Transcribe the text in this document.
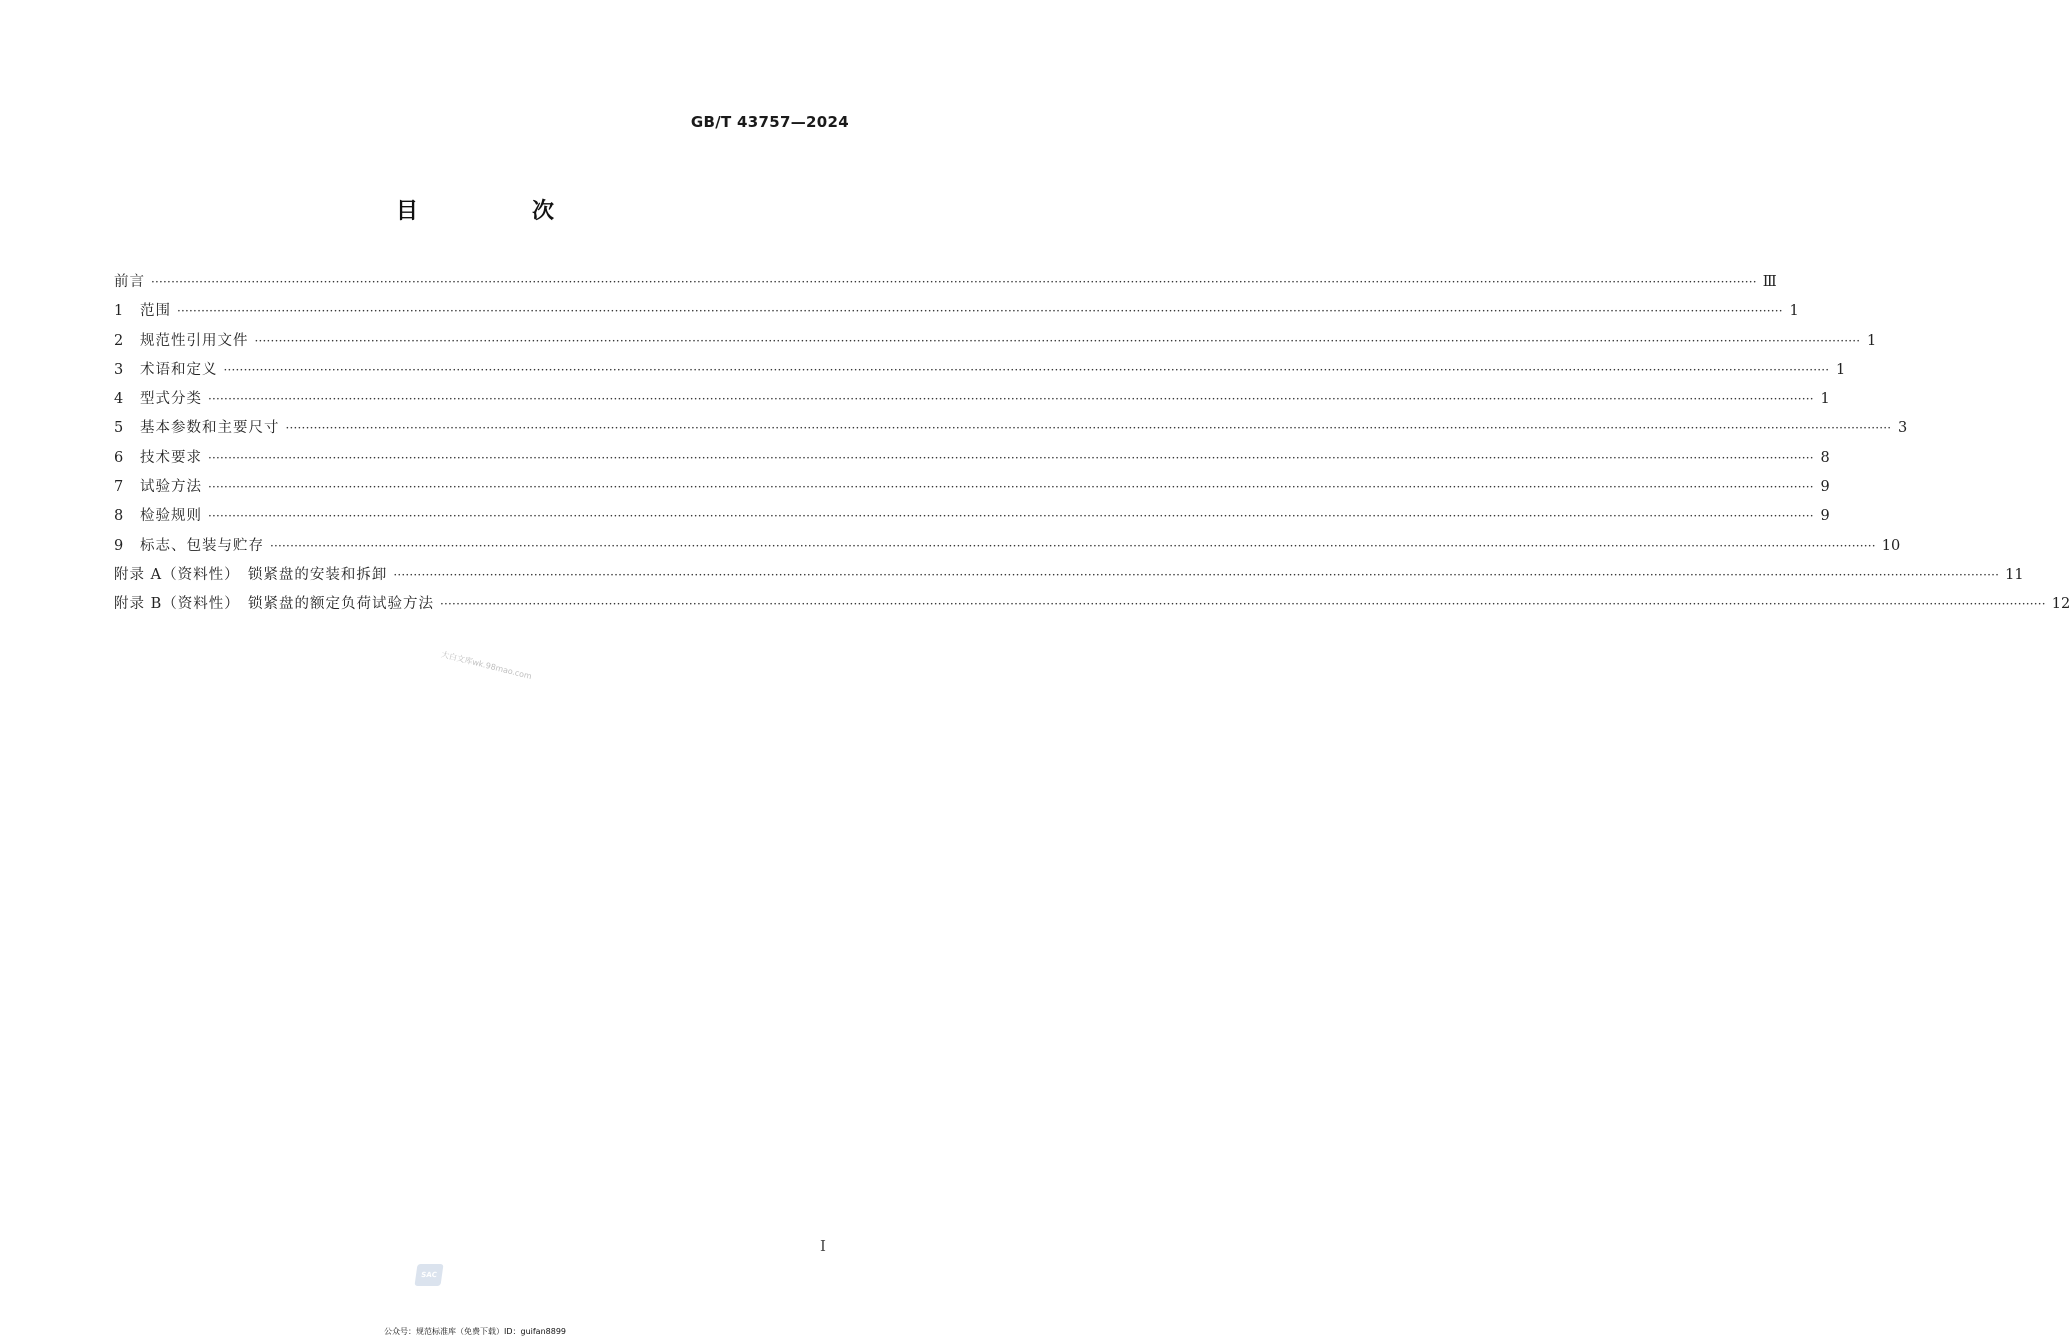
GB/T 43757—2024
目　次
前言 ················································································································································································································································································································································································································ Ⅲ
1	范围 ················································································································································································································································································································································································································ 1
2	规范性引用文件 ················································································································································································································································································································································································································ 1
3	术语和定义 ················································································································································································································································································································································································································ 1
4	型式分类 ················································································································································································································································································································································································································ 1
5	基本参数和主要尺寸 ················································································································································································································································································································································································································ 3
6	技术要求 ················································································································································································································································································································································································································ 8
7	试验方法 ················································································································································································································································································································································································································ 9
8	检验规则 ················································································································································································································································································································································································································ 9
9	标志、包装与贮存 ················································································································································································································································································································································································································ 10
附录 A（资料性）　锁紧盘的安装和拆卸 ················································································································································································································································································································································································································ 11
附录 B（资料性）　锁紧盘的额定负荷试验方法 ················································································································································································································································································································································································································ 12
大白文库wk.98mao.com
I
SAC
公众号：规范标准库（免费下载）ID：guifan8899
